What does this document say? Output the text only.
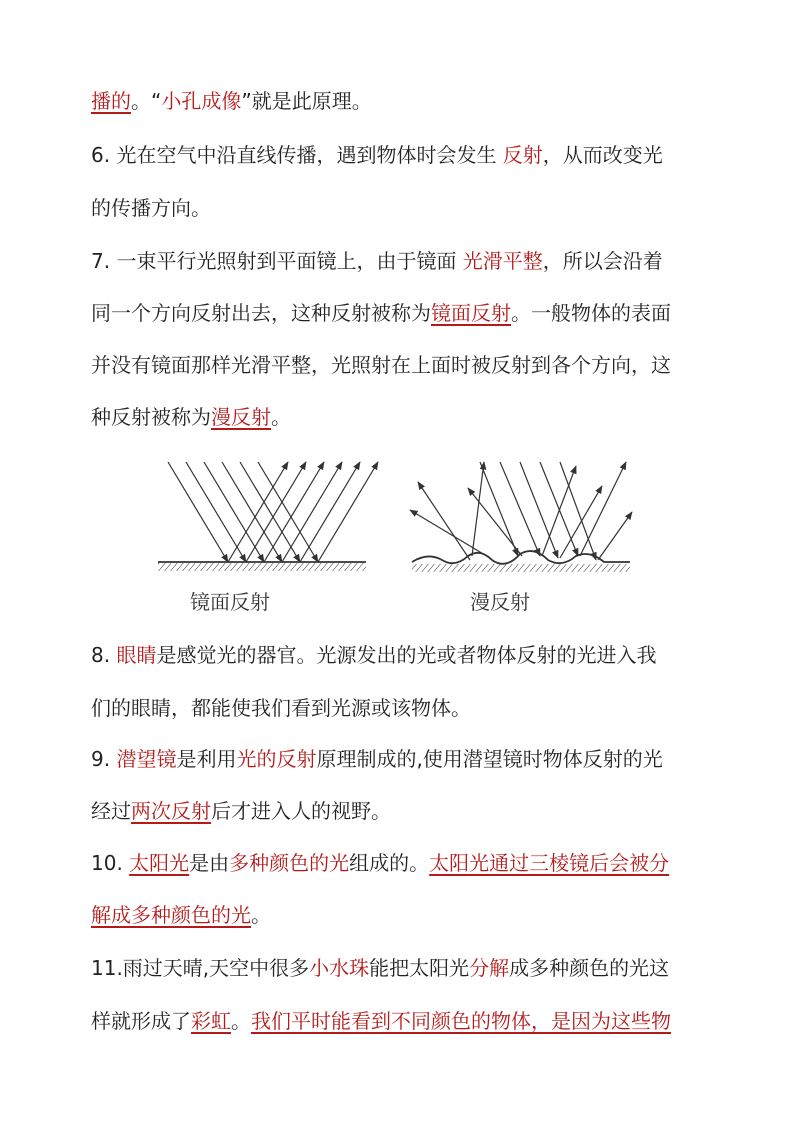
播的。“小孔成像”就是此原理。
6. 光在空气中沿直线传播，遇到物体时会发生 反射，从而改变光
的传播方向。
7. 一束平行光照射到平面镜上，由于镜面 光滑平整，所以会沿着
同一个方向反射出去，这种反射被称为镜面反射。一般物体的表面
并没有镜面那样光滑平整，光照射在上面时被反射到各个方向，这
种反射被称为漫反射。
8. 眼睛是感觉光的器官。光源发出的光或者物体反射的光进入我
们的眼睛，都能使我们看到光源或该物体。
9. 潜望镜是利用光的反射原理制成的,使用潜望镜时物体反射的光
经过两次反射后才进入人的视野。
10. 太阳光是由多种颜色的光组成的。太阳光通过三棱镜后会被分
解成多种颜色的光。
11.雨过天晴,天空中很多小水珠能把太阳光分解成多种颜色的光这
样就形成了彩虹。我们平时能看到不同颜色的物体，是因为这些物
镜面反射	漫反射
